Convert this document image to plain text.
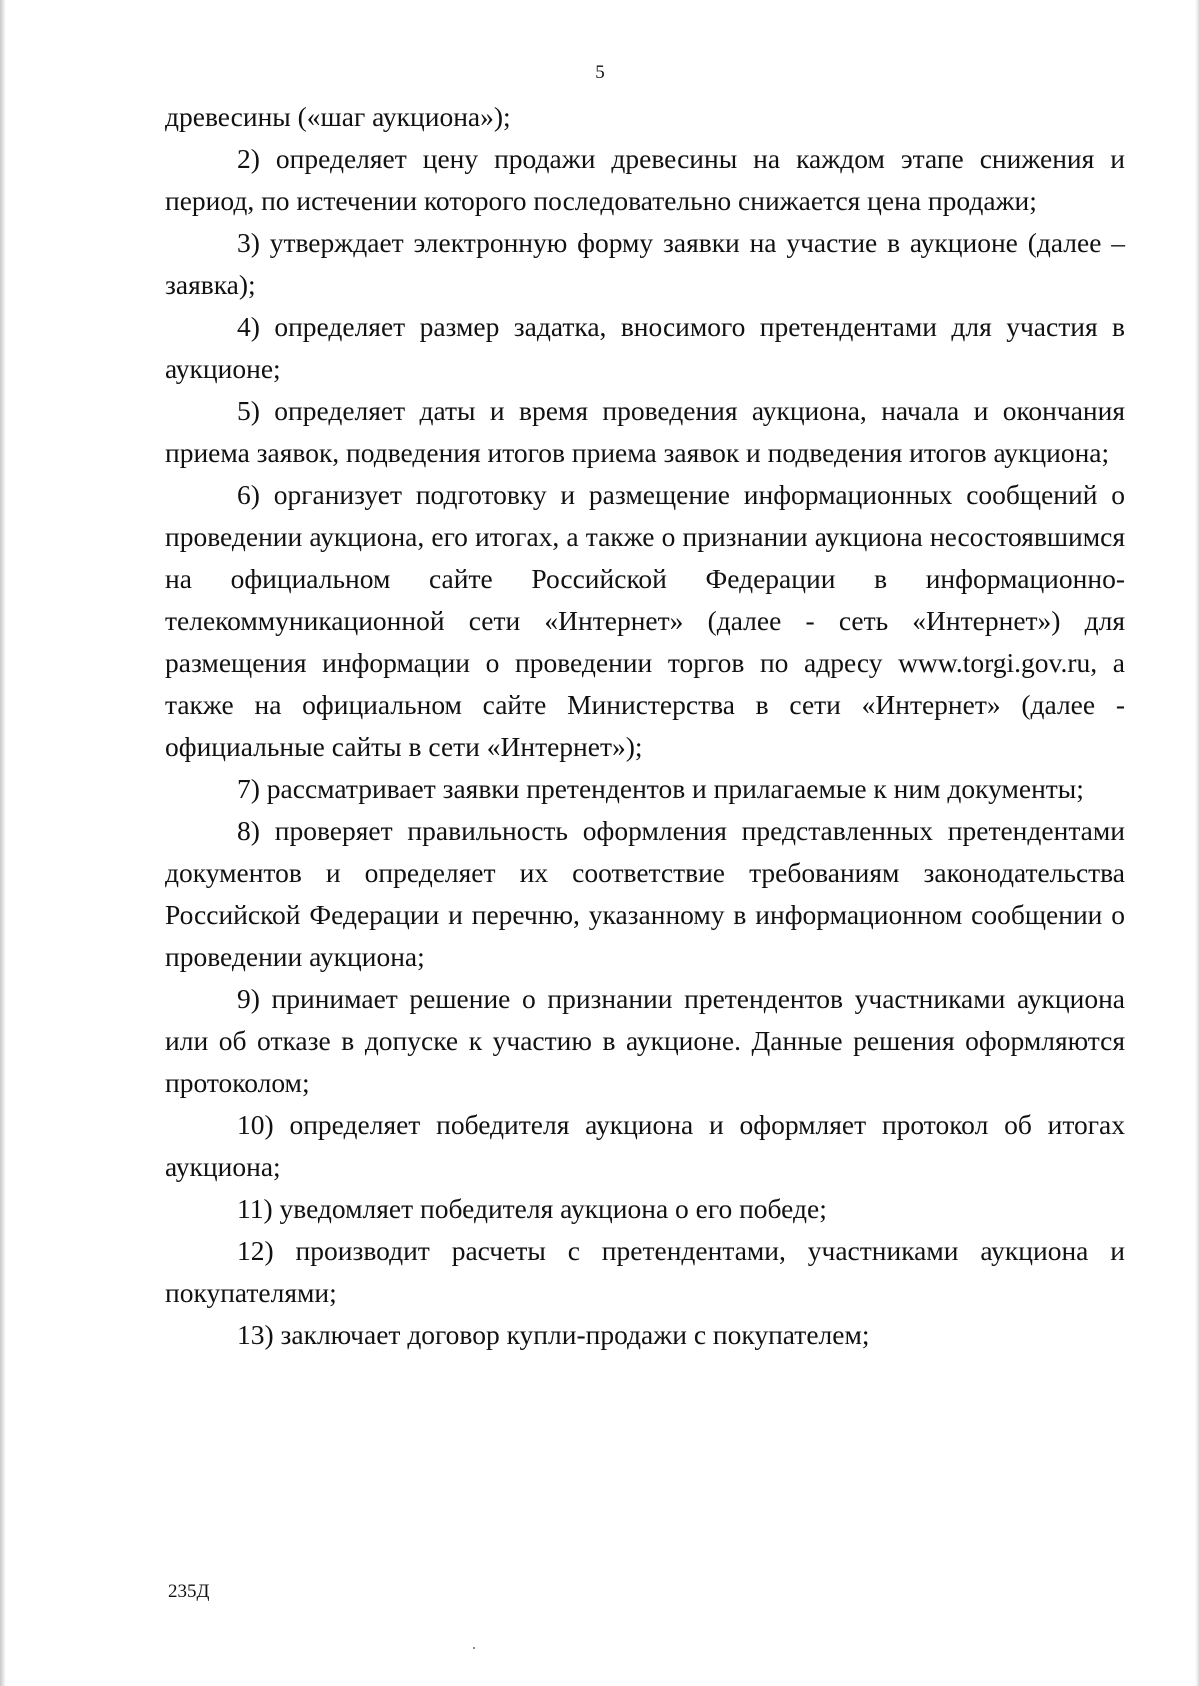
5

древесины («шаг аукциона»);

2) определяет цену продажи древесины на каждом этапе снижения и период, по истечении которого последовательно снижается цена продажи;

3) утверждает электронную форму заявки на участие в аукционе (далее – заявка);

4) определяет размер задатка, вносимого претендентами для участия в аукционе;

5) определяет даты и время проведения аукциона, начала и окончания приема заявок, подведения итогов приема заявок и подведения итогов аукциона;

6) организует подготовку и размещение информационных сообщений о проведении аукциона, его итогах, а также о признании аукциона несостоявшимся на официальном сайте Российской Федерации в информационно-телекоммуникационной сети «Интернет» (далее - сеть «Интернет») для размещения информации о проведении торгов по адресу www.torgi.gov.ru, а также на официальном сайте Министерства в сети «Интернет» (далее - официальные сайты в сети «Интернет»);

7) рассматривает заявки претендентов и прилагаемые к ним документы;

8) проверяет правильность оформления представленных претендентами документов и определяет их соответствие требованиям законодательства Российской Федерации и перечню, указанному в информационном сообщении о проведении аукциона;

9) принимает решение о признании претендентов участниками аукциона или об отказе в допуске к участию в аукционе. Данные решения оформляются протоколом;

10) определяет победителя аукциона и оформляет протокол об итогах аукциона;

11) уведомляет победителя аукциона о его победе;

12) производит расчеты с претендентами, участниками аукциона и покупателями;

13) заключает договор купли-продажи с покупателем;

235Д
